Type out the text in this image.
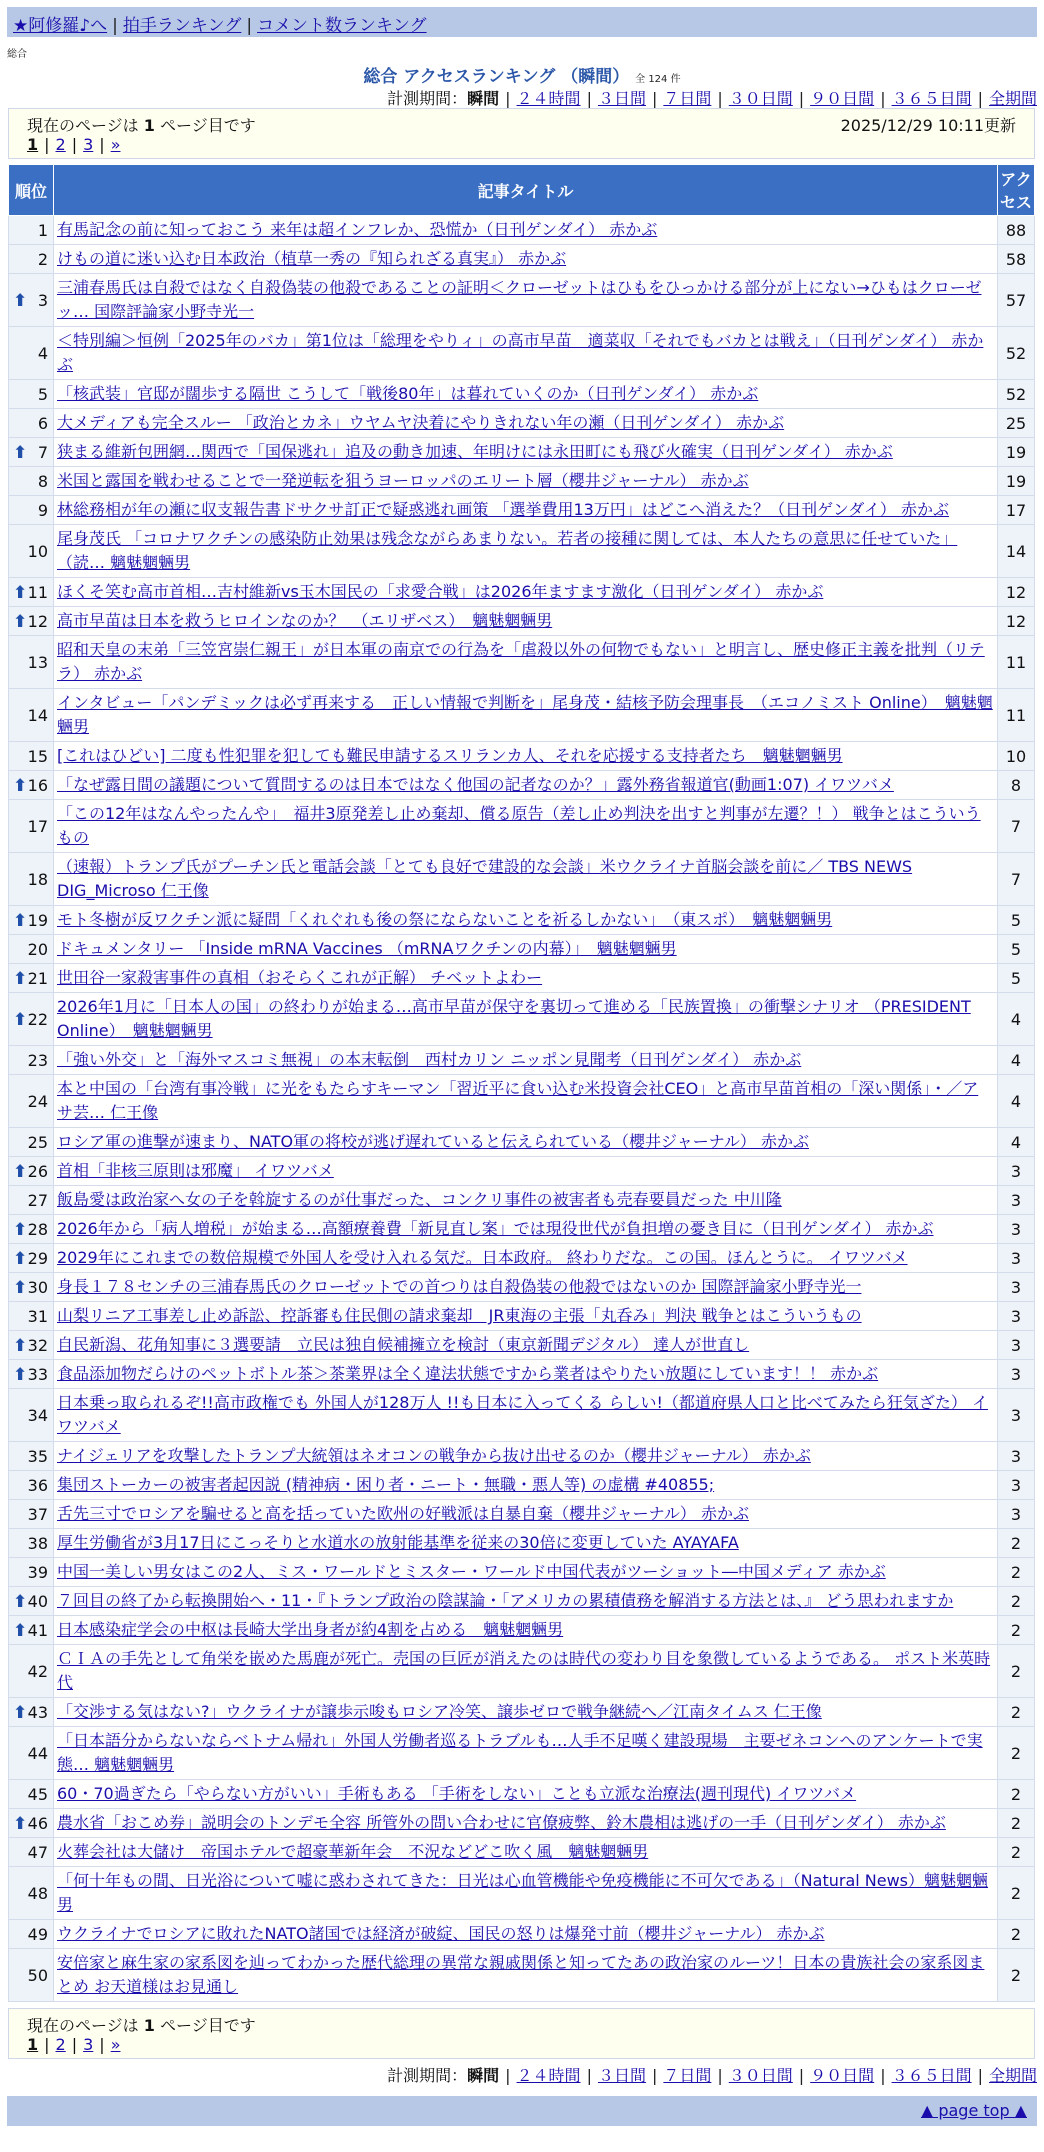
★阿修羅♪へ | 拍手ランキング | コメント数ランキング
総合
総合 アクセスランキング （瞬間） 全 124 件
計測期間：瞬間 | ２４時間 | ３日間 | ７日間 | ３０日間 | ９０日間 | ３６５日間 | 全期間
現在のページは 1 ページ目です	2025/12/29 10:11更新
1 | 2 | 3 | »
順位	記事タイトル	アクセス
1	有馬記念の前に知っておこう 来年は超インフレか、恐慌か（日刊ゲンダイ） 赤かぶ	88
2	けもの道に迷い込む日本政治（植草一秀の『知られざる真実』） 赤かぶ	58

⬆ 3	三浦春馬氏は自殺ではなく自殺偽装の他殺であることの証明＜クローゼットはひもをひっかける部分が上にない→ひもはクローゼッ… 国際評論家小野寺光一	57
4	＜特別編＞恒例「2025年のバカ」第1位は「総理をやりィ」の高市早苗　適菜収「それでもバカとは戦え」（日刊ゲンダイ） 赤かぶ	52
5	「核武装」官邸が闊歩する隔世 こうして「戦後80年」は暮れていくのか（日刊ゲンダイ） 赤かぶ	52
6	大メディアも完全スルー 「政治とカネ」ウヤムヤ決着にやりきれない年の瀬（日刊ゲンダイ） 赤かぶ	25

⬆ 7	狭まる維新包囲網…関西で「国保逃れ」追及の動き加速、年明けには永田町にも飛び火確実（日刊ゲンダイ） 赤かぶ	19
8	米国と露国を戦わせることで一発逆転を狙うヨーロッパのエリート層（櫻井ジャーナル） 赤かぶ	19
9	林総務相が年の瀬に収支報告書ドサクサ訂正で疑惑逃れ画策 「選挙費用13万円」はどこへ消えた？（日刊ゲンダイ） 赤かぶ	17
10	尾身茂氏 「コロナワクチンの感染防止効果は残念ながらあまりない。若者の接種に関しては、本人たちの意思に任せていた」（読… 魑魅魍魎男	14

⬆ 11	ほくそ笑む高市首相…吉村維新vs玉木国民の「求愛合戦」は2026年ますます激化（日刊ゲンダイ） 赤かぶ	12

⬆ 12	高市早苗は日本を救うヒロインなのか？　（エリザベス）　魑魅魍魎男	12
13	昭和天皇の末弟「三笠宮崇仁親王」が日本軍の南京での行為を「虐殺以外の何物でもない」と明言し、歴史修正主義を批判（リテラ） 赤かぶ	11
14	インタビュー「パンデミックは必ず再来する　正しい情報で判断を」尾身茂・結核予防会理事長　（エコノミスト Online）　魑魅魍魎男	11
15	[これはひどい] 二度も性犯罪を犯しても難民申請するスリランカ人、それを応援する支持者たち　魑魅魍魎男	10

⬆ 16	「なぜ露日間の議題について質問するのは日本ではなく他国の記者なのか？」露外務省報道官(動画1:07) イワツバメ	8
17	「この12年はなんやったんや」　福井3原発差し止め棄却、償る原告（差し止め判決を出すと判事が左遷？！） 戦争とはこういうもの	7
18	（速報）トランプ氏がプーチン氏と電話会談「とても良好で建設的な会談」米ウクライナ首脳会談を前に／ TBS NEWS DIG_Microso 仁王像	7

⬆ 19	モト冬樹が反ワクチン派に疑問「くれぐれも後の祭にならないことを祈るしかない」　（東スポ）　魑魅魍魎男	5
20	ドキュメンタリー 「Inside mRNA Vaccines （mRNAワクチンの内幕）」　魑魅魍魎男	5

⬆ 21	世田谷一家殺害事件の真相（おそらくこれが正解） チベットよわー	5

⬆ 22	2026年1月に「日本人の国」の終わりが始まる…高市早苗が保守を裏切って進める「民族置換」の衝撃シナリオ （PRESIDENT Online）　魑魅魍魎男	4
23	「強い外交」と「海外マスコミ無視」の本末転倒　西村カリン ニッポン見聞考（日刊ゲンダイ） 赤かぶ	4
24	本と中国の「台湾有事冷戦」に光をもたらすキーマン「習近平に食い込む米投資会社CEO」と高市早苗首相の「深い関係」・／アサ芸… 仁王像	4
25	ロシア軍の進撃が速まり、NATO軍の将校が逃げ遅れていると伝えられている（櫻井ジャーナル） 赤かぶ	4

⬆ 26	首相「非核三原則は邪魔」 イワツバメ	3
27	飯島愛は政治家へ女の子を斡旋するのが仕事だった、コンクリ事件の被害者も売春要員だった 中川隆	3

⬆ 28	2026年から「病人増税」が始まる…高額療養費「新見直し案」では現役世代が負担増の憂き目に（日刊ゲンダイ） 赤かぶ	3

⬆ 29	2029年にこれまでの数倍規模で外国人を受け入れる気だ。日本政府。 終わりだな。この国。ほんとうに。 イワツバメ	3

⬆ 30	身長１７８センチの三浦春馬氏のクローゼットでの首つりは自殺偽装の他殺ではないのか 国際評論家小野寺光一	3
31	山梨リニア工事差し止め訴訟、控訴審も住民側の請求棄却　JR東海の主張「丸呑み」判決 戦争とはこういうもの	3

⬆ 32	自民新潟、花角知事に３選要請　立民は独自候補擁立を検討（東京新聞デジタル） 達人が世直し	3

⬆ 33	食品添加物だらけのペットボトル茶＞茶業界は全く違法状態ですから業者はやりたい放題にしています！！ 赤かぶ	3
34	日本乗っ取られるぞ!!高市政権でも 外国人が128万人 !!も日本に入ってくる らしい!（都道府県人口と比べてみたら狂気ざた） イワツバメ	3
35	ナイジェリアを攻撃したトランプ大統領はネオコンの戦争から抜け出せるのか（櫻井ジャーナル） 赤かぶ	3
36	集団ストーカーの被害者起因説 (精神病・困り者・ニート・無職・悪人等) の虚構 #40855;	3
37	舌先三寸でロシアを騙せると高を括っていた欧州の好戦派は自暴自棄（櫻井ジャーナル） 赤かぶ	3
38	厚生労働省が3月17日にこっそりと水道水の放射能基準を従来の30倍に変更していた AYAYAFA	2
39	中国一美しい男女はこの2人、ミス・ワールドとミスター・ワールド中国代表がツーショット―中国メディア 赤かぶ	2

⬆ 40	７回目の終了から転換開始へ・11・『トランプ政治の陰謀論・「アメリカの累積債務を解消する方法とは、』 どう思われますか	2

⬆ 41	日本感染症学会の中枢は長崎大学出身者が約4割を占める　魑魅魍魎男	2
42	ＣＩＡの手先として角栄を嵌めた馬鹿が死亡。売国の巨匠が消えたのは時代の変わり目を象徴しているようである。 ポスト米英時代	2

⬆ 43	「交渉する気はない?」ウクライナが譲歩示唆もロシア冷笑、譲歩ゼロで戦争継続へ／江南タイムス 仁王像	2
44	「日本語分からないならベトナム帰れ」外国人労働者巡るトラブルも…人手不足嘆く建設現場　主要ゼネコンへのアンケートで実態… 魑魅魍魎男	2
45	60・70過ぎたら「やらない方がいい」手術もある 「手術をしない」ことも立派な治療法(週刊現代) イワツバメ	2

⬆ 46	農水省「おこめ券」説明会のトンデモ全容 所管外の問い合わせに官僚疲弊、鈴木農相は逃げの一手（日刊ゲンダイ） 赤かぶ	2
47	火葬会社は大儲け　帝国ホテルで超豪華新年会　不況などどこ吹く風　魑魅魍魎男	2
48	「何十年もの間、日光浴について嘘に惑わされてきた：日光は心血管機能や免疫機能に不可欠である」（Natural News）魑魅魍魎男	2
49	ウクライナでロシアに敗れたNATO諸国では経済が破綻、国民の怒りは爆発寸前（櫻井ジャーナル） 赤かぶ	2
50	安倍家と麻生家の家系図を辿ってわかった歴代総理の異常な親戚関係と知ってたあの政治家のルーツ！日本の貴族社会の家系図まとめ お天道様はお見通し	2
現在のページは 1 ページ目です
1 | 2 | 3 | »
計測期間：瞬間 | ２４時間 | ３日間 | ７日間 | ３０日間 | ９０日間 | ３６５日間 | 全期間
▲ page top ▲
